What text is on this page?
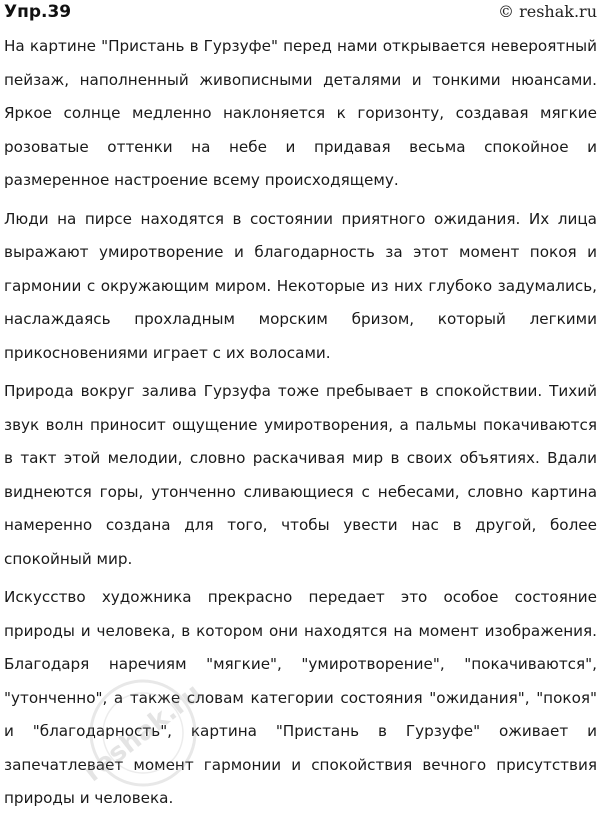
Упр.39	© reshak.ru

На картине "Пристань в Гурзуфе" перед нами открывается невероятный пейзаж, наполненный живописными деталями и тонкими нюансами. Яркое солнце медленно наклоняется к горизонту, создавая мягкие розоватые оттенки на небе и придавая весьма спокойное и размеренное настроение всему происходящему.

Люди на пирсе находятся в состоянии приятного ожидания. Их лица выражают умиротворение и благодарность за этот момент покоя и гармонии с окружающим миром. Некоторые из них глубоко задумались, наслаждаясь прохладным морским бризом, который легкими прикосновениями играет с их волосами.

Природа вокруг залива Гурзуфа тоже пребывает в спокойствии. Тихий звук волн приносит ощущение умиротворения, а пальмы покачиваются в такт этой мелодии, словно раскачивая мир в своих объятиях. Вдали виднеются горы, утонченно сливающиеся с небесами, словно картина намеренно создана для того, чтобы увести нас в другой, более спокойный мир.

Искусство художника прекрасно передает это особое состояние природы и человека, в котором они находятся на момент изображения. Благодаря наречиям "мягкие", "умиротворение", "покачиваются", "утонченно", а также словам категории состояния "ожидания", "покоя" и "благодарность", картина "Пристань в Гурзуфе" оживает и запечатлевает момент гармонии и спокойствия вечного присутствия природы и человека.

reshak.ru
